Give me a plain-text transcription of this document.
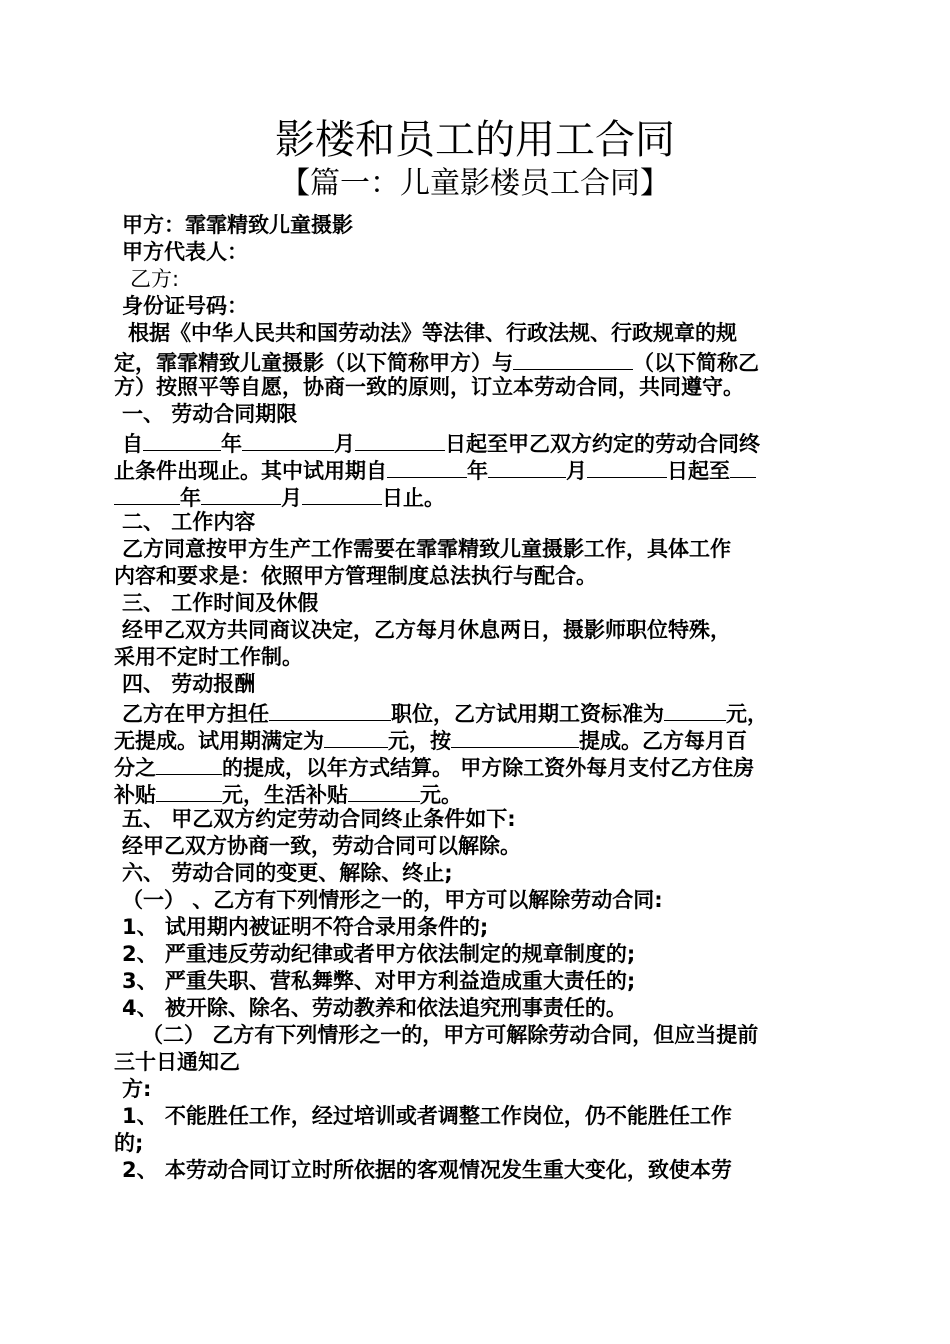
影楼和员工的用工合同
【篇一：儿童影楼员工合同】
甲方：霏霏精致儿童摄影
甲方代表人：
乙方:
身份证号码：
根据《中华人民共和国劳动法》等法律、行政法规、行政规章的规
定，霏霏精致儿童摄影（以下简称甲方）与	（以下简称乙
方）按照平等自愿，协商一致的原则，订立本劳动合同，共同遵守。
一、 劳动合同期限
自	年	月	日起至甲乙双方约定的劳动合同终
止条件出现止。其中试用期自	年	月	日起至
年	月	日止。
二、 工作内容
乙方同意按甲方生产工作需要在霏霏精致儿童摄影工作，具体工作
内容和要求是：依照甲方管理制度总法执行与配合。
三、 工作时间及休假
经甲乙双方共同商议决定，乙方每月休息两日，摄影师职位特殊，
采用不定时工作制。
四、 劳动报酬
乙方在甲方担任	职位，乙方试用期工资标准为	元，
无提成。试用期满定为	元，按	提成。乙方每月百
分之	的提成，以年方式结算。 甲方除工资外每月支付乙方住房
补贴	元，生活补贴	元。
五、 甲乙双方约定劳动合同终止条件如下:
经甲乙双方协商一致，劳动合同可以解除。
六、 劳动合同的变更、解除、终止;
（一） 、乙方有下列情形之一的，甲方可以解除劳动合同:
1、 试用期内被证明不符合录用条件的;
2、 严重违反劳动纪律或者甲方依法制定的规章制度的;
3、 严重失职、营私舞弊、对甲方利益造成重大责任的;
4、 被开除、除名、劳动教养和依法追究刑事责任的。
（二） 乙方有下列情形之一的，甲方可解除劳动合同，但应当提前
三十日通知乙
方:
1、 不能胜任工作，经过培训或者调整工作岗位，仍不能胜任工作
的;
2、 本劳动合同订立时所依据的客观情况发生重大变化，致使本劳
